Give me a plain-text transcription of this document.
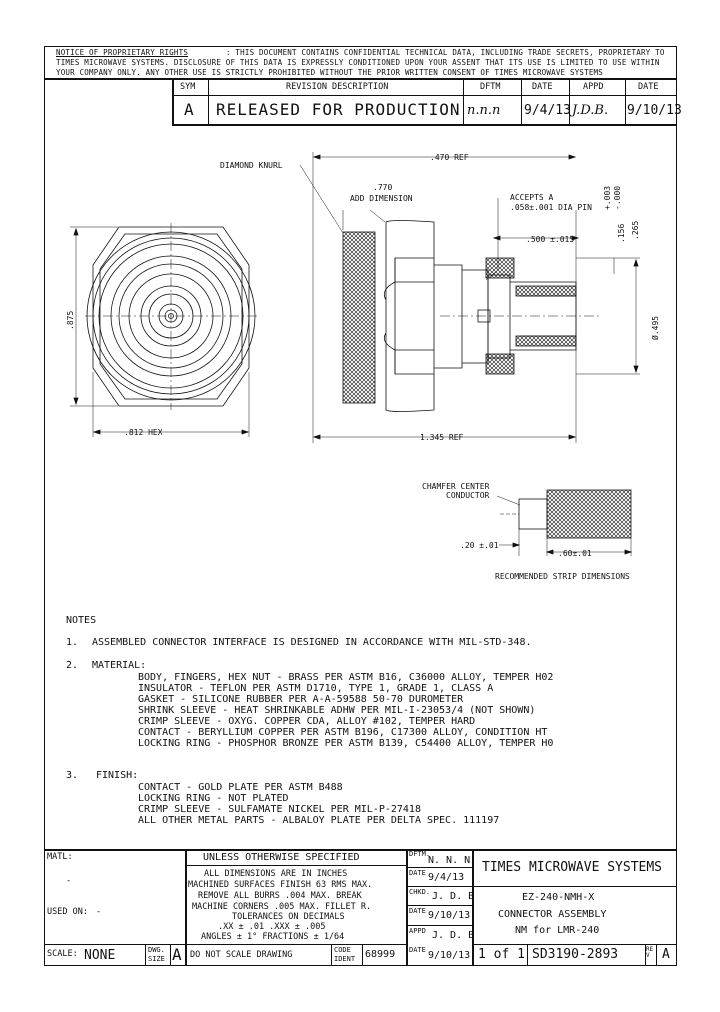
NOTICE OF PROPRIETARY RIGHTS	: THIS DOCUMENT CONTAINS CONFIDENTIAL TECHNICAL DATA, INCLUDING TRADE SECRETS, PROPRIETARY TO
TIMES MICROWAVE SYSTEMS. DISCLOSURE OF THIS DATA IS EXPRESSLY CONDITIONED UPON YOUR ASSENT THAT ITS USE IS LIMITED TO USE WITHIN
YOUR COMPANY ONLY. ANY OTHER USE IS STRICTLY PROHIBITED WITHOUT THE PRIOR WRITTEN CONSENT OF TIMES MICROWAVE SYSTEMS
SYM	REVISION DESCRIPTION	DFTM	DATE	APPD	DATE
A RELEASED FOR PRODUCTION n.n.n 9/4/13 J.D.B. 9/10/13
.875
.812 HEX
DIAMOND KNURL
.470 REF
.770
ADD DIMENSION	ACCEPTS A
.058±.001 DIA PIN +.003 -.000
.500 ±.015	.156 .265
Ø.495
1.345 REF
CHAMFER CENTER
CONDUCTOR
.20 ±.01
.60±.01
RECOMMENDED STRIP DIMENSIONS
NOTES
1. ASSEMBLED CONNECTOR INTERFACE IS DESIGNED IN ACCORDANCE WITH MIL-STD-348.
2. MATERIAL:
BODY, FINGERS, HEX NUT - BRASS PER ASTM B16, C36000 ALLOY, TEMPER H02
INSULATOR - TEFLON PER ASTM D1710, TYPE 1, GRADE 1, CLASS A
GASKET - SILICONE RUBBER PER A-A-59588 50-70 DUROMETER
SHRINK SLEEVE - HEAT SHRINKABLE ADHW PER MIL-I-23053/4 (NOT SHOWN)
CRIMP SLEEVE - OXYG. COPPER CDA, ALLOY #102, TEMPER HARD
CONTACT - BERYLLIUM COPPER PER ASTM B196, C17300 ALLOY, CONDITION HT
LOCKING RING - PHOSPHOR BRONZE PER ASTM B139, C54400 ALLOY, TEMPER H0
3. FINISH:
CONTACT - GOLD PLATE PER ASTM B488
LOCKING RING - NOT PLATED
CRIMP SLEEVE - SULFAMATE NICKEL PER MIL-P-27418
ALL OTHER METAL PARTS - ALBALOY PLATE PER DELTA SPEC. 111197
MATL:
-
USED ON: -
SCALE: NONE	DWG.
SIZE A
UNLESS OTHERWISE SPECIFIED
ALL DIMENSIONS ARE IN INCHES
MACHINED SURFACES FINISH 63 RMS MAX.
REMOVE ALL BURRS .004 MAX. BREAK
MACHINE CORNERS .005 MAX. FILLET R.
TOLERANCES ON DECIMALS
.XX ± .01 .XXX ± .005
ANGLES ± 1° FRACTIONS ± 1/64
DO NOT SCALE DRAWING	CODE
IDENT 68999
DFTM.
N. N. N
DATE 9/4/13
CHKD. J. D. B
DATE 9/10/13
APPD J. D. B
DATE 9/10/13
TIMES MICROWAVE SYSTEMS
EZ-240-NMH-X
CONNECTOR ASSEMBLY
NM for LMR-240
1 of 1 SD3190-2893	REV A
